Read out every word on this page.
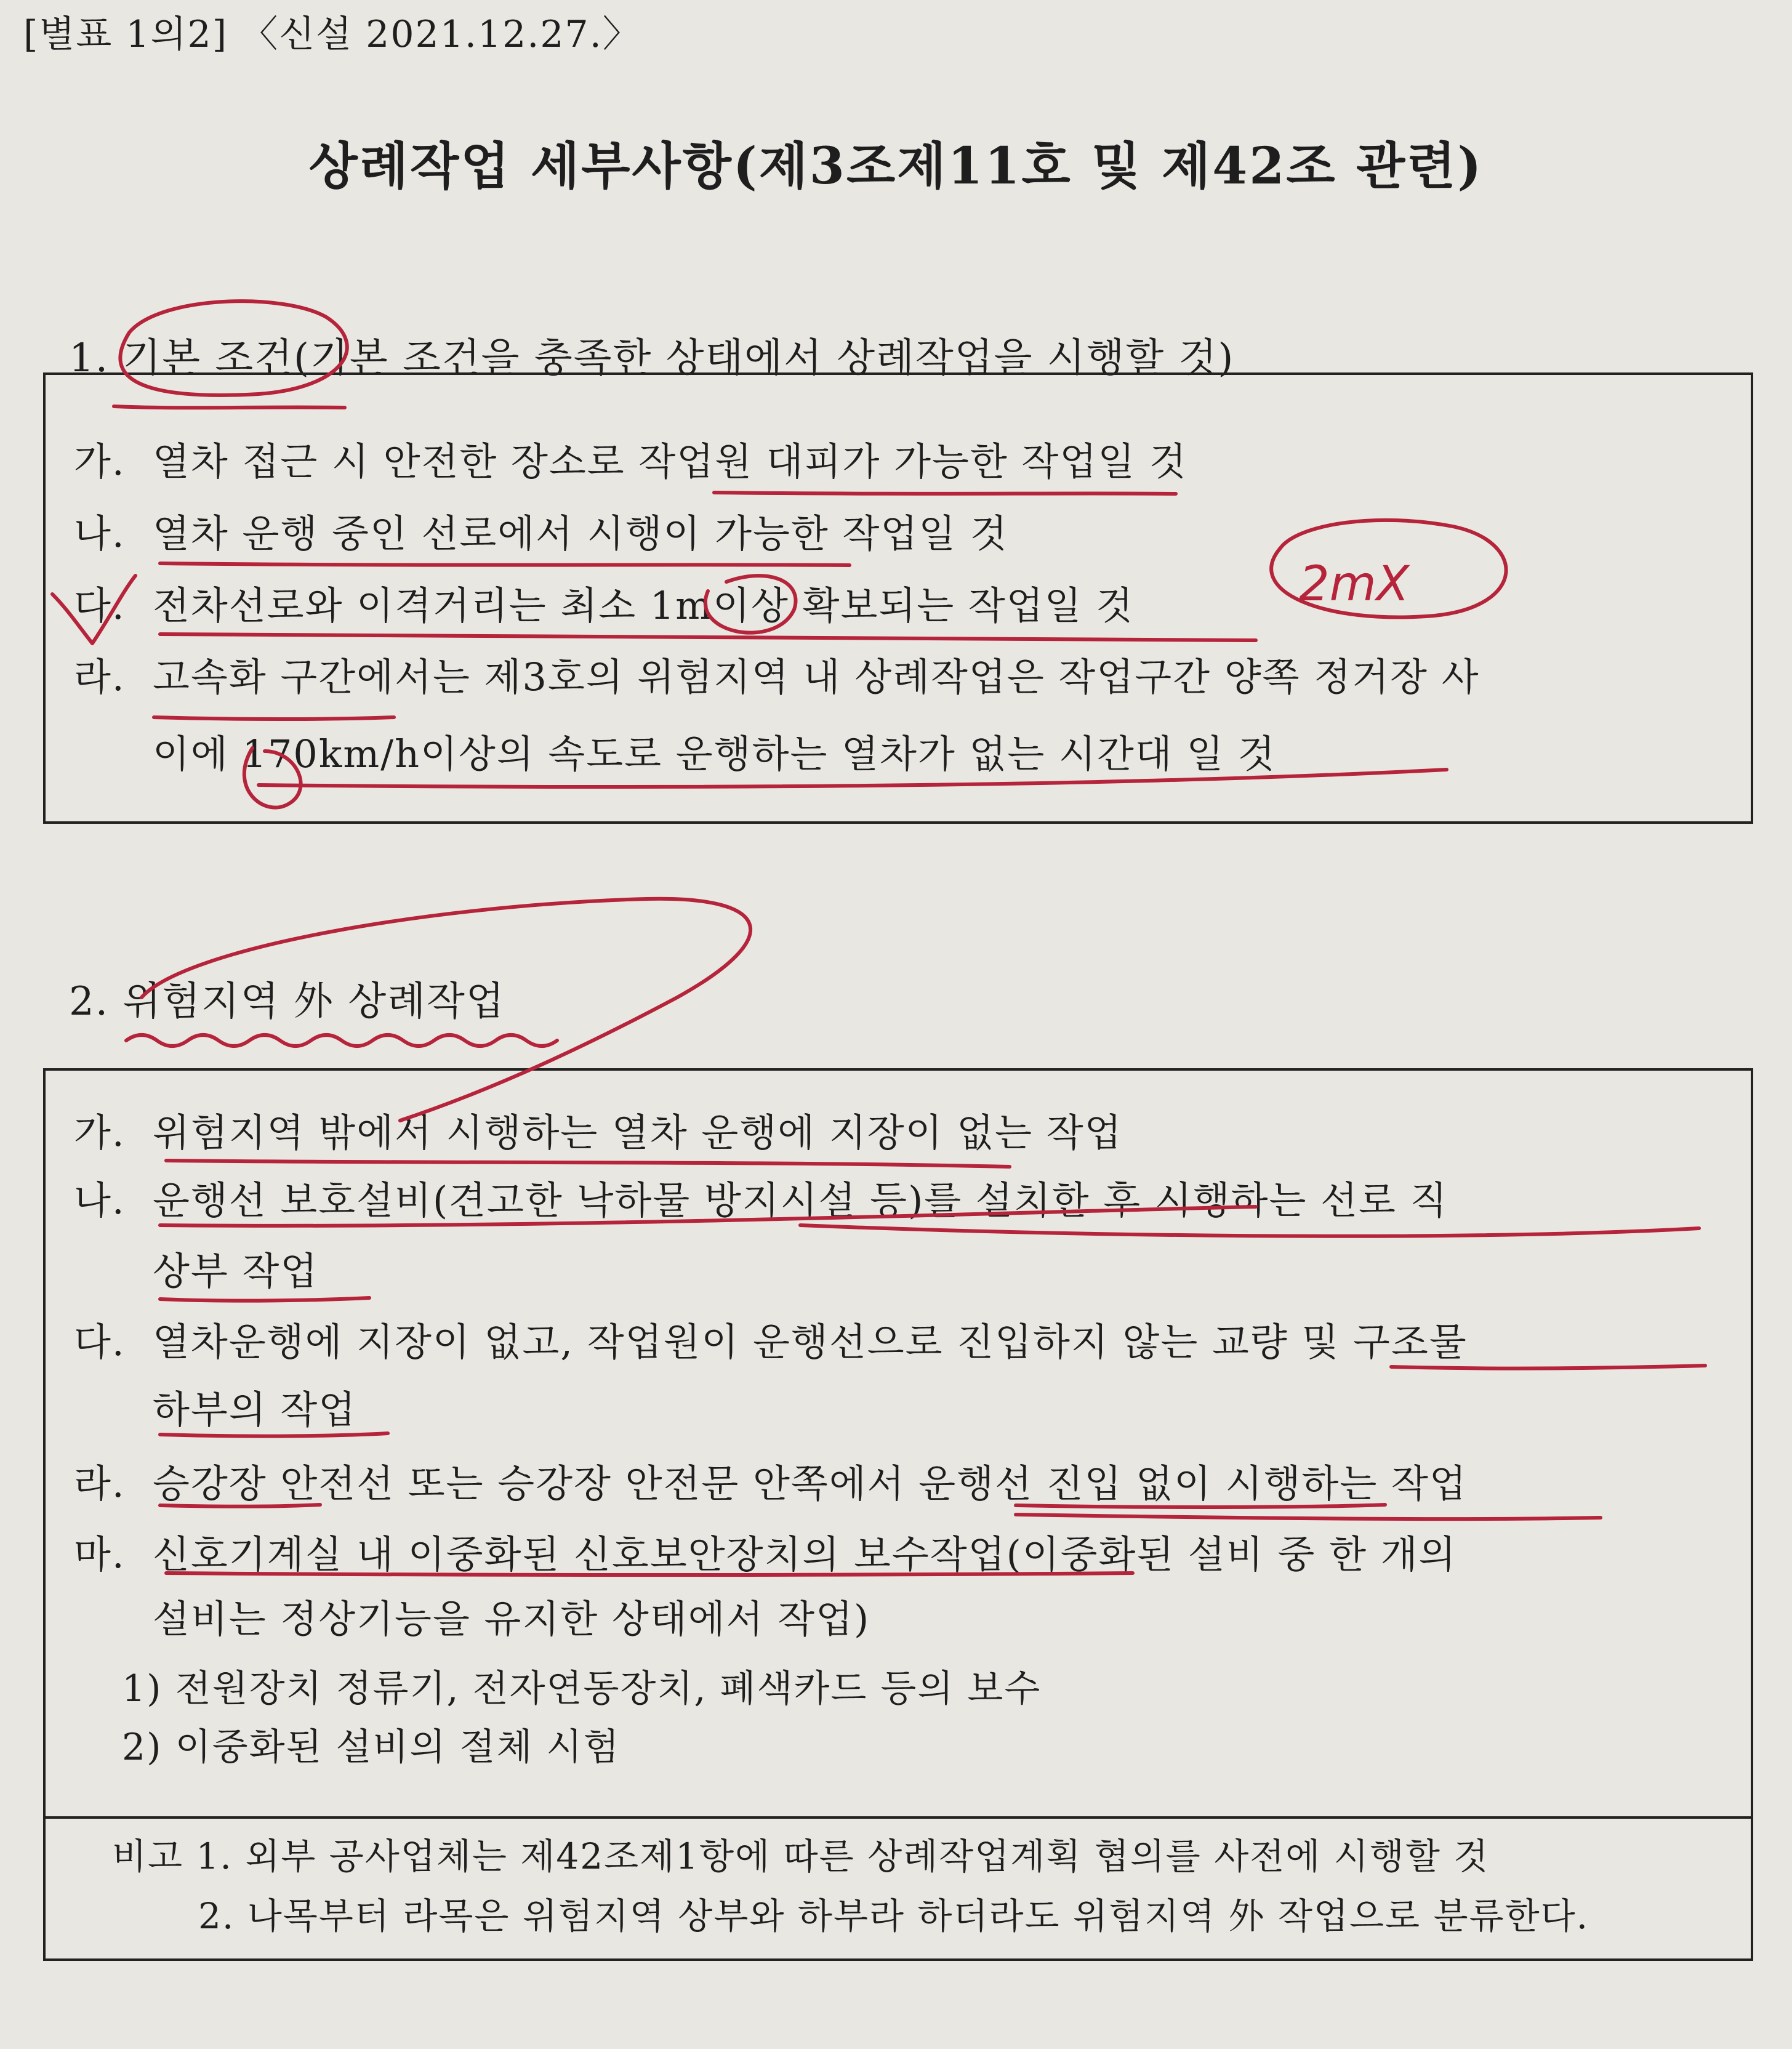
[별표 1의2] 〈신설 2021.12.27.〉
상례작업 세부사항(제3조제11호 및 제42조 관련)
1. 기본 조건(기본 조건을 충족한 상태에서 상례작업을 시행할 것)
가. 열차 접근 시 안전한 장소로 작업원 대피가 가능한 작업일 것
나. 열차 운행 중인 선로에서 시행이 가능한 작업일 것
다. 전차선로와 이격거리는 최소 1m이상 확보되는 작업일 것
라. 고속화 구간에서는 제3호의 위험지역 내 상례작업은 작업구간 양쪽 정거장 사
이에 170km/h이상의 속도로 운행하는 열차가 없는 시간대 일 것
2. 위험지역 外 상례작업
가. 위험지역 밖에서 시행하는 열차 운행에 지장이 없는 작업
나. 운행선 보호설비(견고한 낙하물 방지시설 등)를 설치한 후 시행하는 선로 직
상부 작업
다. 열차운행에 지장이 없고, 작업원이 운행선으로 진입하지 않는 교량 및 구조물
하부의 작업
라. 승강장 안전선 또는 승강장 안전문 안쪽에서 운행선 진입 없이 시행하는 작업
마. 신호기계실 내 이중화된 신호보안장치의 보수작업(이중화된 설비 중 한 개의
설비는 정상기능을 유지한 상태에서 작업)
1) 전원장치 정류기, 전자연동장치, 폐색카드 등의 보수
2) 이중화된 설비의 절체 시험
비고 1. 외부 공사업체는 제42조제1항에 따른 상례작업계획 협의를 사전에 시행할 것
2. 나목부터 라목은 위험지역 상부와 하부라 하더라도 위험지역 外 작업으로 분류한다.
2mX
